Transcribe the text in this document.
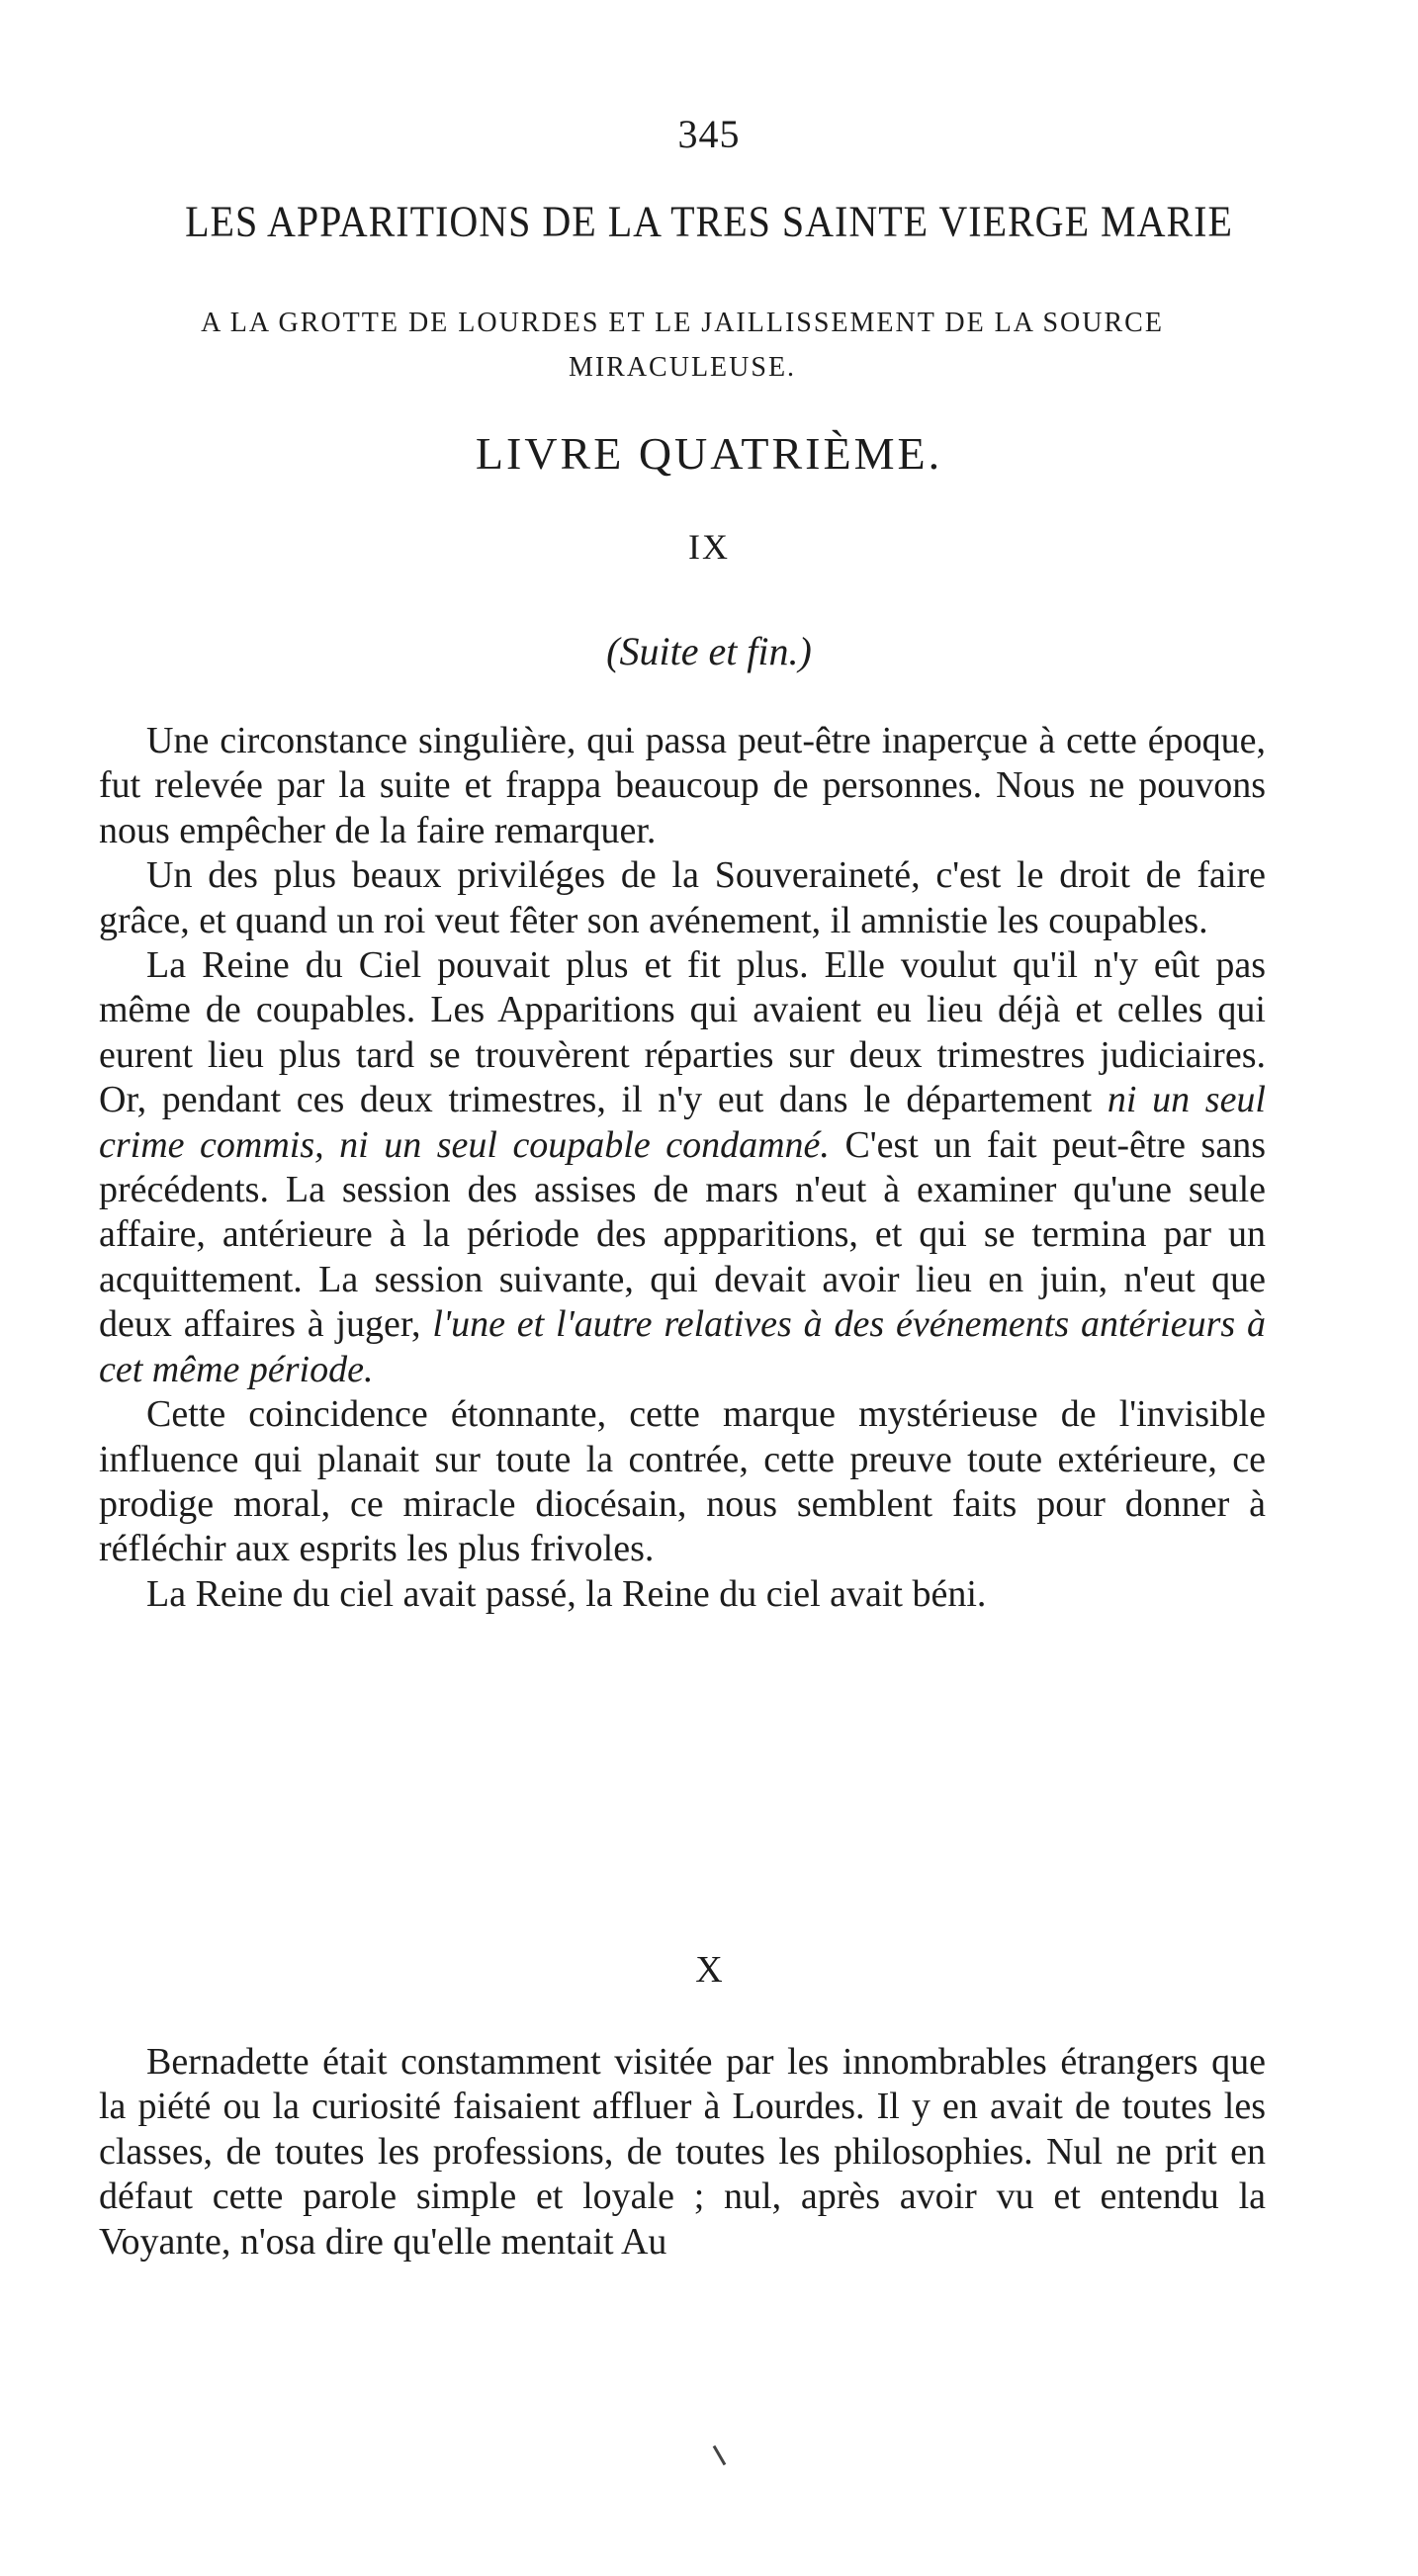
345
LES APPARITIONS DE LA TRES SAINTE VIERGE MARIE
A LA GROTTE DE LOURDES ET LE JAILLISSEMENT DE LA SOURCE MIRACULEUSE.
LIVRE QUATRIÈME.
IX
(Suite et fin.)

Une circonstance singulière, qui passa peut-être inaperçue à cette époque, fut relevée par la suite et frappa beaucoup de personnes. Nous ne pouvons nous empêcher de la faire remarquer.

Un des plus beaux priviléges de la Souveraineté, c'est le droit de faire grâce, et quand un roi veut fêter son avénement, il amnistie les coupables.

La Reine du Ciel pouvait plus et fit plus. Elle voulut qu'il n'y eût pas même de coupables. Les Apparitions qui avaient eu lieu déjà et celles qui eurent lieu plus tard se trouvèrent réparties sur deux trimestres judiciaires. Or, pendant ces deux trimestres, il n'y eut dans le département ni un seul crime commis, ni un seul coupable condamné. C'est un fait peut-être sans précédents. La session des assises de mars n'eut à examiner qu'une seule affaire, antérieure à la période des appparitions, et qui se termina par un acquittement. La session suivante, qui devait avoir lieu en juin, n'eut que deux affaires à juger, l'une et l'autre relatives à des événements antérieurs à cet même période.

Cette coincidence étonnante, cette marque mystérieuse de l'invisible influence qui planait sur toute la contrée, cette preuve toute extérieure, ce prodige moral, ce miracle diocésain, nous semblent faits pour donner à réfléchir aux esprits les plus frivoles.

La Reine du ciel avait passé, la Reine du ciel avait béni.

X

Bernadette était constamment visitée par les innombrables étrangers que la piété ou la curiosité faisaient affluer à Lourdes. Il y en avait de toutes les classes, de toutes les professions, de toutes les philosophies. Nul ne prit en défaut cette parole simple et loyale ; nul, après avoir vu et entendu la Voyante, n'osa dire qu'elle mentait Au
